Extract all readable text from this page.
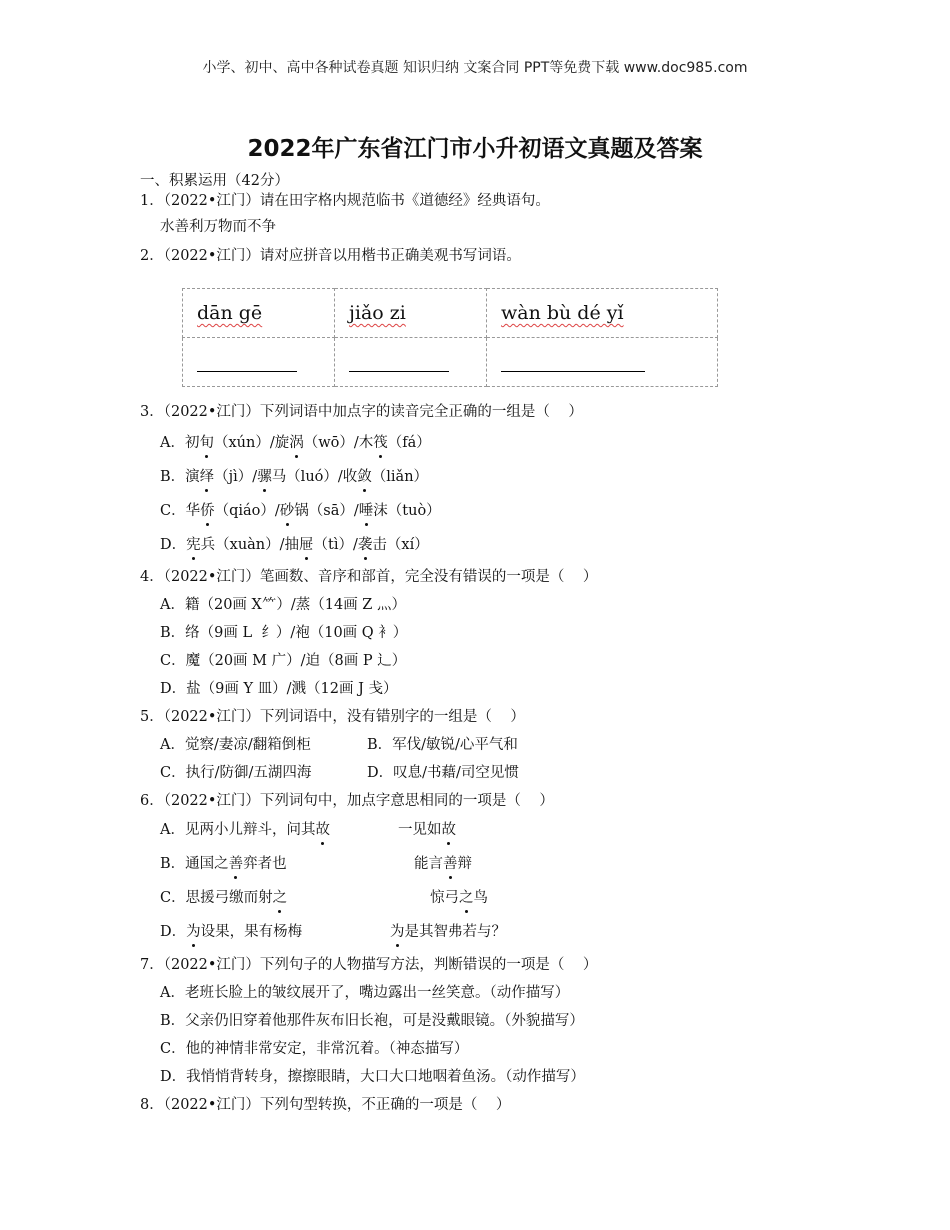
小学、初中、高中各种试卷真题 知识归纳 文案合同 PPT等免费下载 www.doc985.com
2022年广东省江门市小升初语文真题及答案
一、积累运用（42分）
1．（2022•江门）请在田字格内规范临书《道德经》经典语句。
水善利万物而不争
2．（2022•江门）请对应拼音以用楷书正确美观书写词语。
dān gē	jiǎo zi	wàn bù dé yǐ

3．（2022•江门）下列词语中加点字的读音完全正确的一组是（    ）
A．初旬（xún）/旋涡（wō）/木筏（fá）
B．演绎（jì）/骡马（luó）/收敛（liǎn）
C．华侨（qiáo）/砂锅（sā）/唾沫（tuò）
D．宪兵（xuàn）/抽屉（tì）/袭击（xí）
4．（2022•江门）笔画数、音序和部首，完全没有错误的一项是（    ）
A．籍（20画 X⺮）/蒸（14画 Z 灬）
B．络（9画 L  纟）/袍（10画 Q 衤）
C．魔（20画 M 广）/迫（8画 P 辶）
D．盐（9画 Y 皿）/溅（12画 J 戋）
5．（2022•江门）下列词语中，没有错别字的一组是（    ）
A．觉察/妻凉/翻箱倒柜	B．军伐/敏锐/心平气和
C．执行/防御/五湖四海	D．叹息/书藉/司空见惯
6．（2022•江门）下列词句中，加点字意思相同的一项是（    ）
A．见两小儿辩斗，问其故	一见如故
B．通国之善弈者也	能言善辩
C．思援弓缴而射之	惊弓之鸟
D．为设果，果有杨梅	为是其智弗若与？
7．（2022•江门）下列句子的人物描写方法，判断错误的一项是（    ）
A．老班长脸上的皱纹展开了，嘴边露出一丝笑意。（动作描写）
B．父亲仍旧穿着他那件灰布旧长袍，可是没戴眼镜。（外貌描写）
C．他的神情非常安定，非常沉着。（神态描写）
D．我悄悄背转身，擦擦眼睛，大口大口地咽着鱼汤。（动作描写）
8．（2022•江门）下列句型转换，不正确的一项是（    ）
